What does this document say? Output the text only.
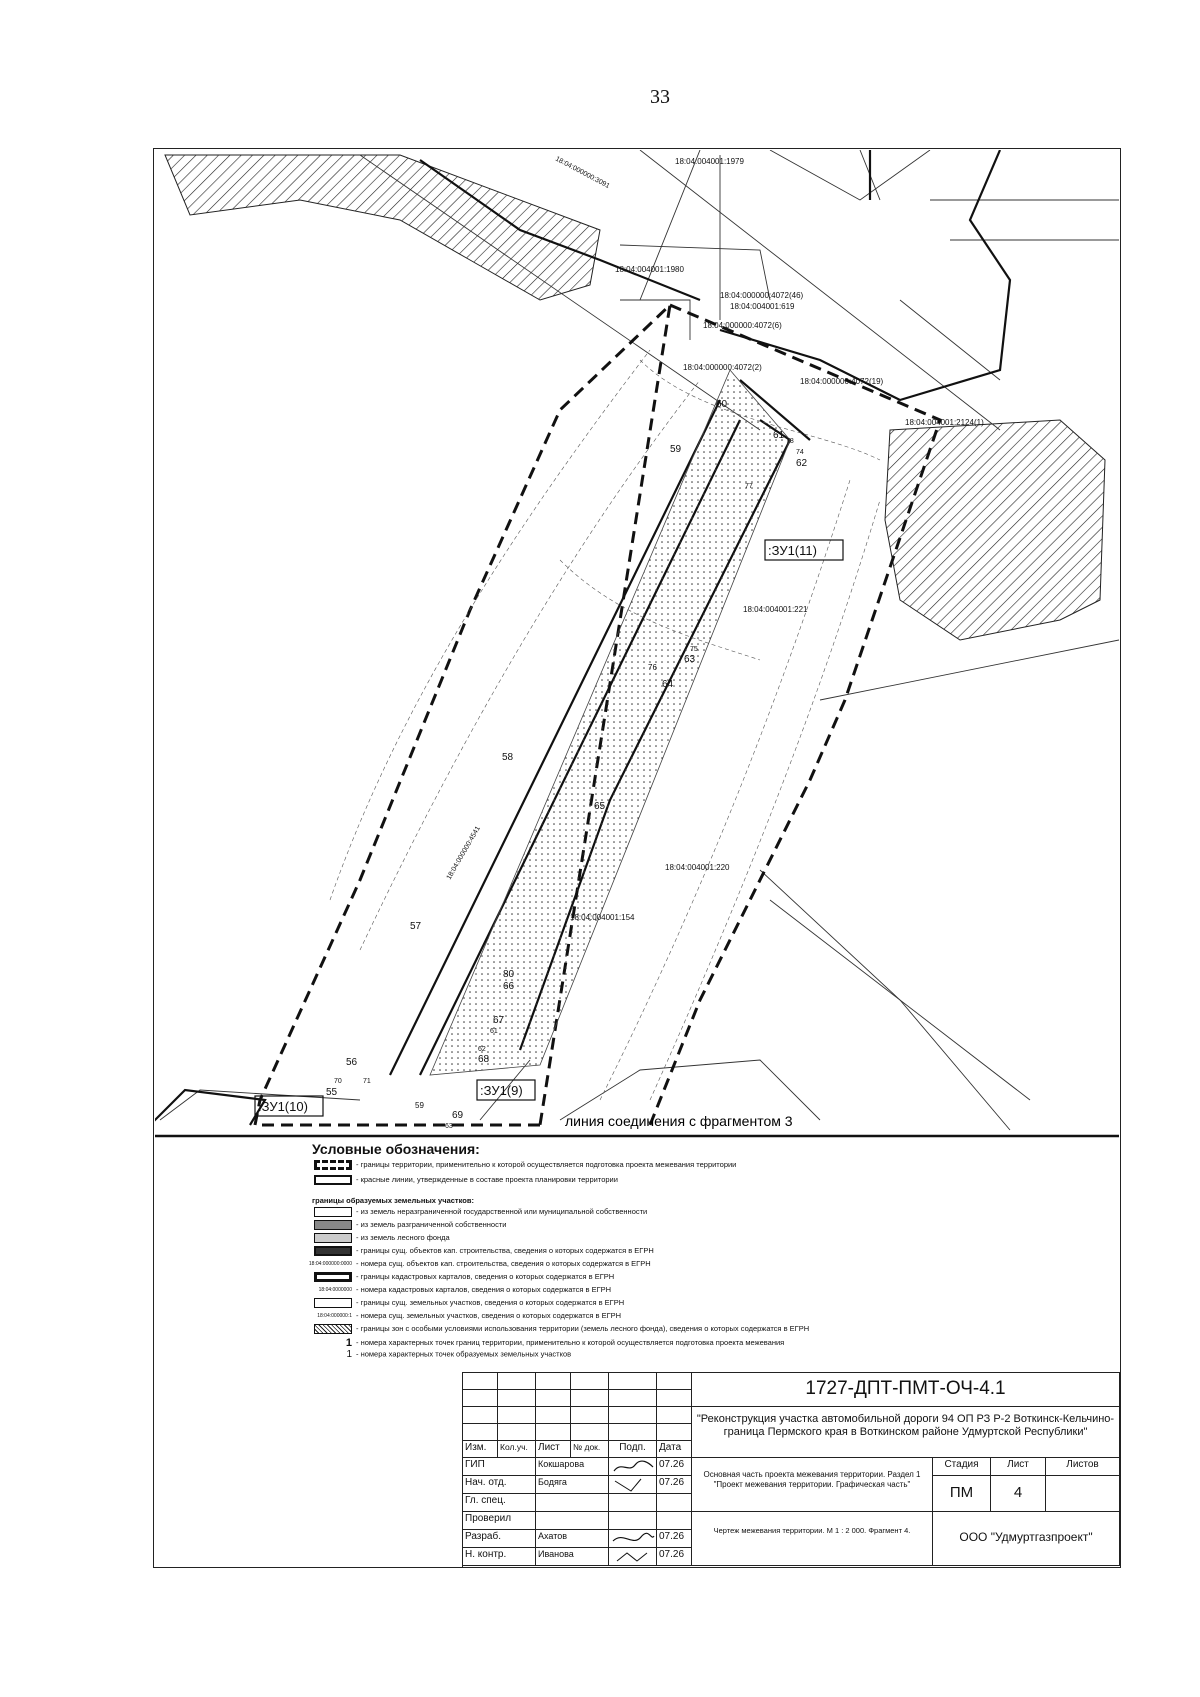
33
18:04:004001:1979
18:04:004001:1980
18:04:000000:4072(46)
18:04:004001:619
18:04:000000:4072(6)
18:04:000000:4072(2)
18:04:000000:4072(19)
18:04:004001:2124(1)
18:04:004001:221
18:04:004001:220
18:04:004001:154
18:04:000000:3091
18:04:000000:4541
:ЗУ1(11)
:ЗУ1(10)
:ЗУ1(9)
60
59
61
78
74
62
77
75
63
76
64
58
65
57
80
66
67
61
62
68
56
70
55
71
59
69
63	линия соединения с фрагментом 3
Условные обозначения:
- границы территории, применительно к которой осуществляется подготовка проекта межевания территории
- красные линии, утвержденные в составе проекта планировки территории
границы образуемых земельных участков:
- из земель неразграниченной государственной или муниципальной собственности
- из земель разграниченной собственности
- из земель лесного фонда
- границы сущ. объектов кап. строительства, сведения о которых содержатся в ЕГРН
18:04:000000:0000 - номера сущ. объектов кап. строительства, сведения о которых содержатся в ЕГРН
- границы кадастровых карталов, сведения о которых содержатся в ЕГРН
18:04:0000000 - номера кадастровых карталов, сведения о которых содержатся в ЕГРН
- границы сущ. земельных участков, сведения о которых содержатся в ЕГРН
18:04:000000:1 - номера сущ. земельных участков, сведения о которых содержатся в ЕГРН
- границы зон с особыми условиями использования территории (земель лесного фонда), сведения о которых содержатся в ЕГРН
1 - номера характерных точек границ территории, применительно к которой осуществляется подготовка проекта межевания
1 - номера характерных точек образуемых земельных участков
Изм.	Кол.уч.	Лист	№ док.	Подп.	Дата
ГИП	Кокшарова	07.26
Нач. отд.	Бодяга	07.26
Гл. спец.
Проверил
Разраб.	Ахатов	07.26
Н. контр.	Иванова	07.26
1727-ДПТ-ПМТ-ОЧ-4.1
"Реконструкция участка автомобильной дороги 94 ОП РЗ Р-2 Воткинск-Кельчино-граница Пермского края в Воткинском районе Удмуртской Республики"
Основная часть проекта межевания территории. Раздел 1 "Проект межевания территории. Графическая часть"
Стадия	Лист	Листов
ПМ	4
Чертеж межевания территории. М 1 : 2 000. Фрагмент 4.	ООО "Удмуртгазпроект"
